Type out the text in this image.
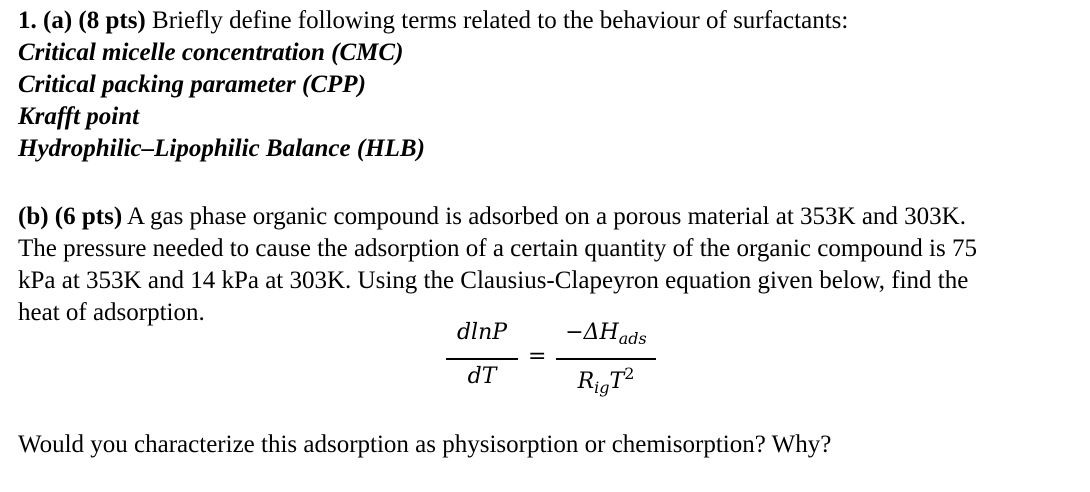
1. (a) (8 pts) Briefly define following terms related to the behaviour of surfactants:
Critical micelle concentration (CMC)
Critical packing parameter (CPP)
Krafft point
Hydrophilic–Lipophilic Balance (HLB)
(b) (6 pts) A gas phase organic compound is adsorbed on a porous material at 353K and 303K.
The pressure needed to cause the adsorption of a certain quantity of the organic compound is 75
kPa at 353K and 14 kPa at 303K. Using the Clausius-Clapeyron equation given below, find the
heat of adsorption.
Would you characterize this adsorption as physisorption or chemisorption? Why?
dlnP
dT
=
$-\Delta H_{ads}$
$R_{ig}T^2$
